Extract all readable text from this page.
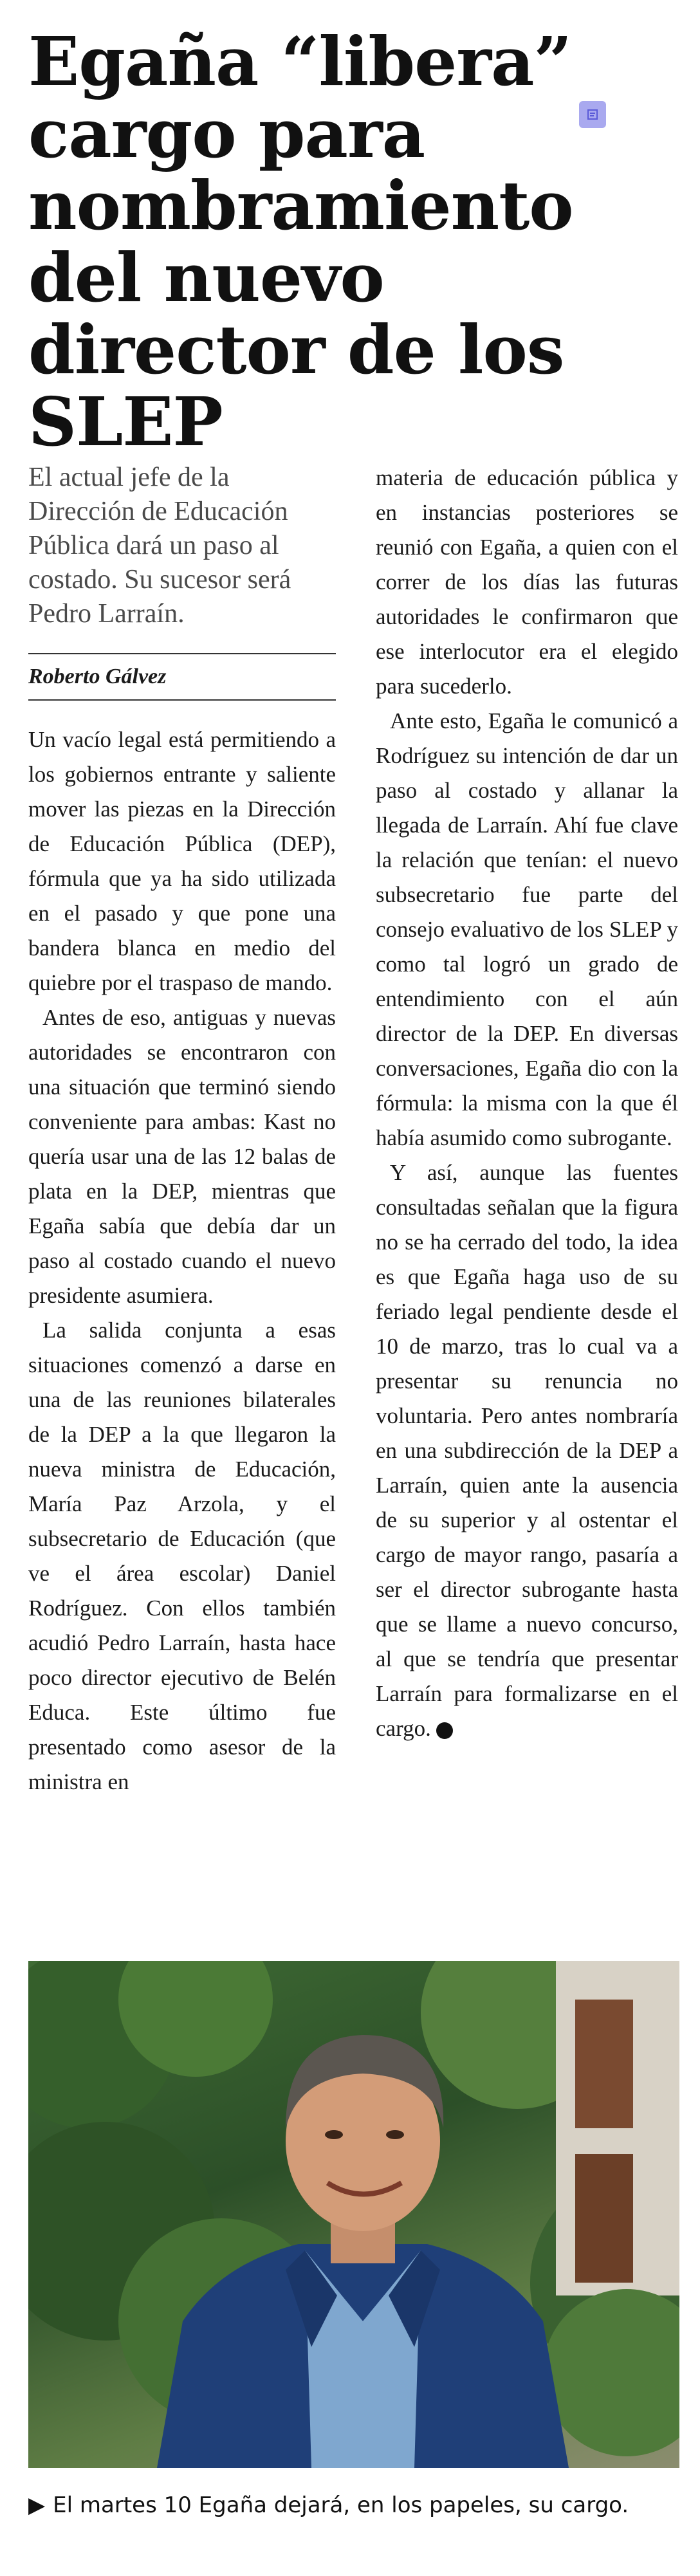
Egaña “libera” cargo para nombramiento del nuevo director de los SLEP

El actual jefe de la Dirección de Educación Pública dará un paso al costado. Su sucesor será Pedro Larraín.

Roberto Gálvez

Un vacío legal está permitiendo a los gobiernos entrante y saliente mover las piezas en la Dirección de Educación Pública (DEP), fórmula que ya ha sido utilizada en el pasado y que pone una bandera blanca en medio del quiebre por el traspaso de mando.

Antes de eso, antiguas y nuevas autoridades se encontraron con una situación que terminó siendo conveniente para ambas: Kast no quería usar una de las 12 balas de plata en la DEP, mientras que Egaña sabía que debía dar un paso al costado cuando el nuevo presidente asumiera.

La salida conjunta a esas situaciones comenzó a darse en una de las reuniones bilaterales de la DEP a la que llegaron la nueva ministra de Educación, María Paz Arzola, y el subsecretario de Educación (que ve el área escolar) Daniel Rodríguez. Con ellos también acudió Pedro Larraín, hasta hace poco director ejecutivo de Belén Educa. Este último fue presentado como asesor de la ministra en

materia de educación pública y en instancias posteriores se reunió con Egaña, a quien con el correr de los días las futuras autoridades le confirmaron que ese interlocutor era el elegido para sucederlo.

Ante esto, Egaña le comunicó a Rodríguez su intención de dar un paso al costado y allanar la llegada de Larraín. Ahí fue clave la relación que tenían: el nuevo subsecretario fue parte del consejo evaluativo de los SLEP y como tal logró un grado de entendimiento con el aún director de la DEP. En diversas conversaciones, Egaña dio con la fórmula: la misma con la que él había asumido como subrogante.

Y así, aunque las fuentes consultadas señalan que la figura no se ha cerrado del todo, la idea es que Egaña haga uso de su feriado legal pendiente desde el 10 de marzo, tras lo cual va a presentar su renuncia no voluntaria. Pero antes nombraría en una subdirección de la DEP a Larraín, quien ante la ausencia de su superior y al ostentar el cargo de mayor rango, pasaría a ser el director subrogante hasta que se llame a nuevo concurso, al que se tendría que presentar Larraín para formalizarse en el cargo.

▶ El martes 10 Egaña dejará, en los papeles, su cargo.
